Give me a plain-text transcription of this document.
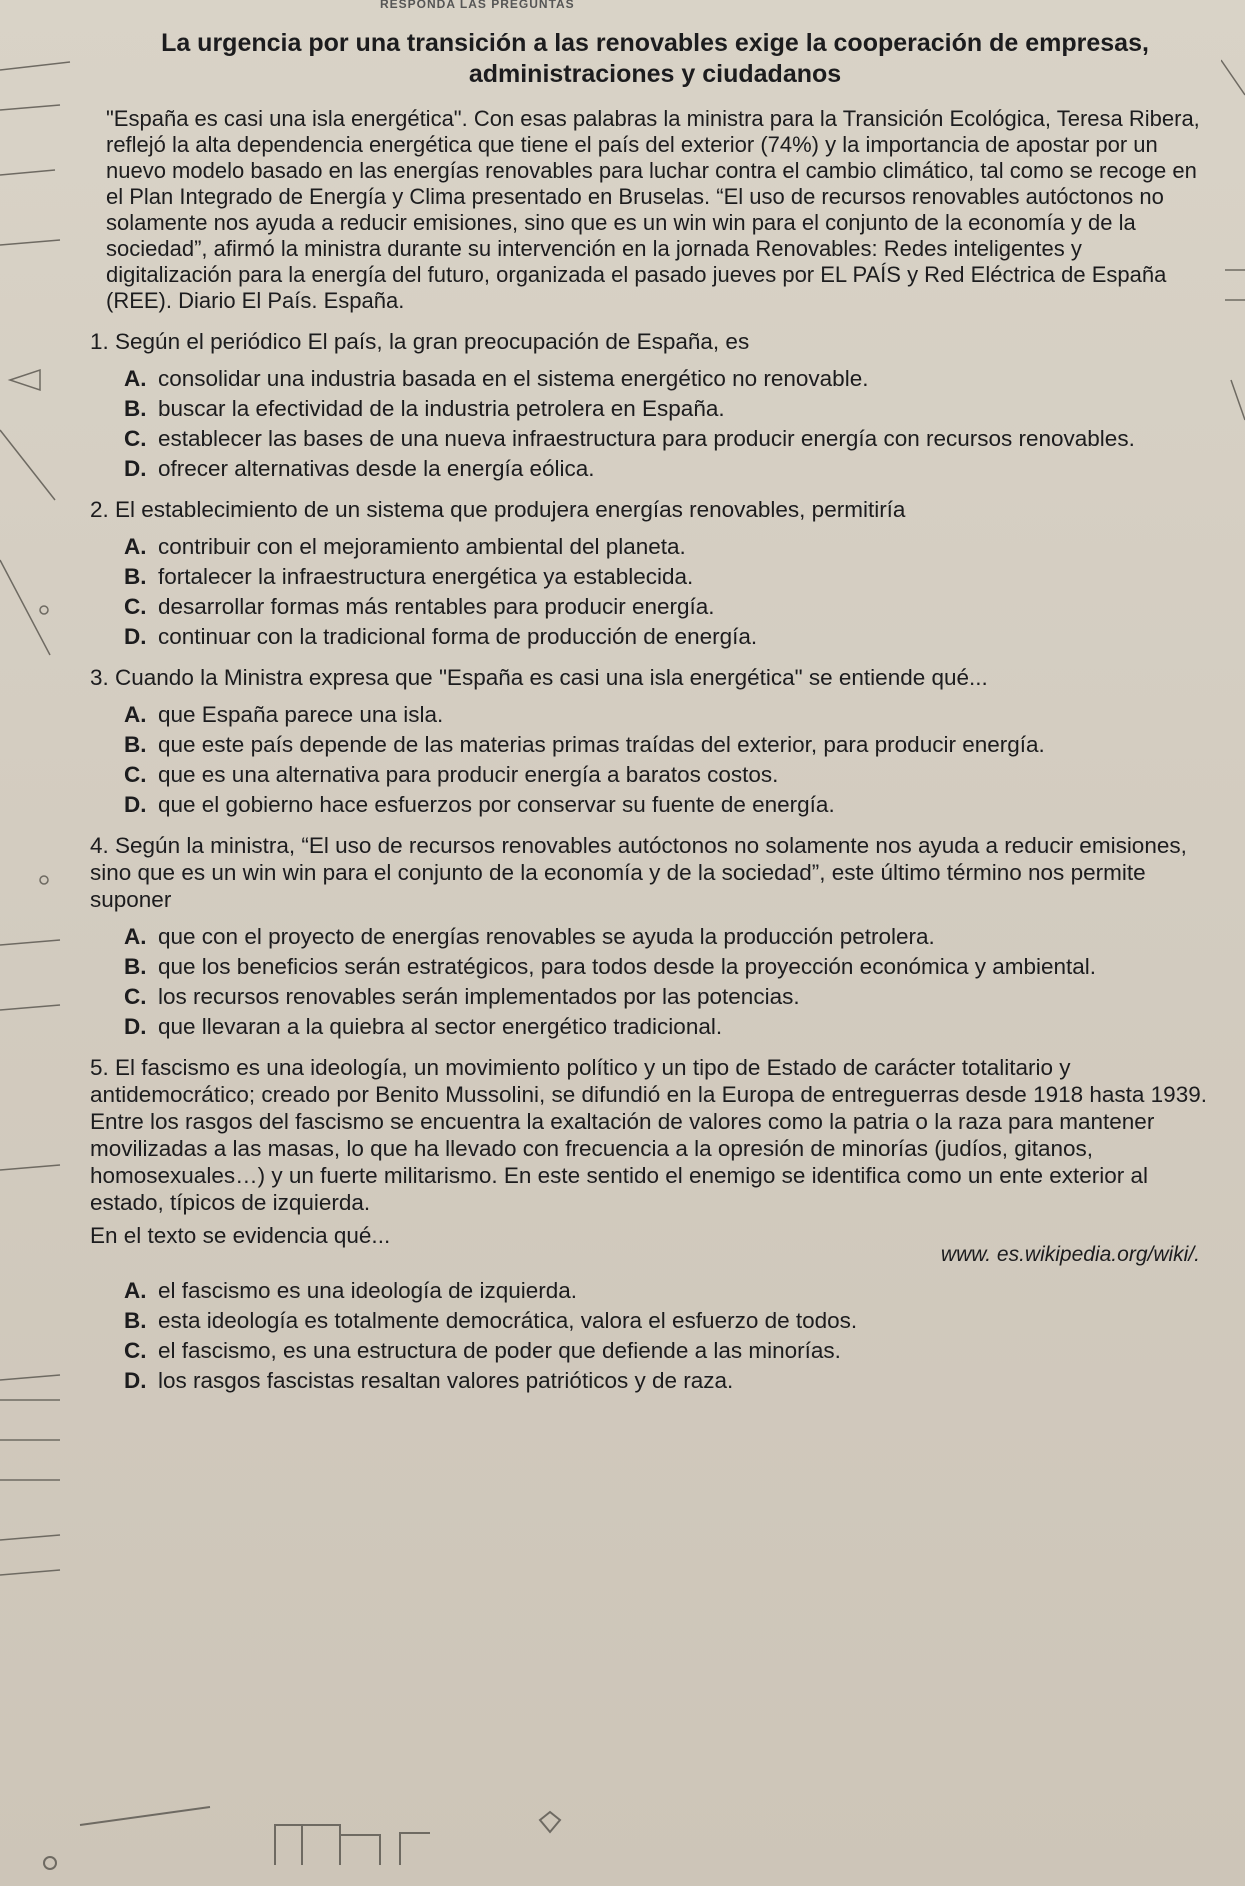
RESPONDA LAS PREGUNTAS
La urgencia por una transición a las renovables exige la cooperación de empresas, administraciones y ciudadanos
"España es casi una isla energética". Con esas palabras la ministra para la Transición Ecológica, Teresa Ribera, reflejó la alta dependencia energética que tiene el país del exterior (74%) y la importancia de apostar por un nuevo modelo basado en las energías renovables para luchar contra el cambio climático, tal como se recoge en el Plan Integrado de Energía y Clima presentado en Bruselas. “El uso de recursos renovables autóctonos no solamente nos ayuda a reducir emisiones, sino que es un win win para el conjunto de la economía y de la sociedad”, afirmó la ministra durante su intervención en la jornada Renovables: Redes inteligentes y digitalización para la energía del futuro, organizada el pasado jueves por EL PAÍS y Red Eléctrica de España (REE). Diario El País. España.
1. Según el periódico El país, la gran preocupación de España, es
A. consolidar una industria basada en el sistema energético no renovable.
B. buscar la efectividad de la industria petrolera en España.
C. establecer las bases de una nueva infraestructura para producir energía con recursos renovables.
D. ofrecer alternativas desde la energía eólica.
2. El establecimiento de un sistema que produjera energías renovables, permitiría
A. contribuir con el mejoramiento ambiental del planeta.
B. fortalecer la infraestructura energética ya establecida.
C. desarrollar formas más rentables para producir energía.
D. continuar con la tradicional forma de producción de energía.
3. Cuando la Ministra expresa que "España es casi una isla energética" se entiende qué...
A. que España parece una isla.
B. que este país depende de las materias primas traídas del exterior, para producir energía.
C. que es una alternativa para producir energía a baratos costos.
D. que el gobierno hace esfuerzos por conservar su fuente de energía.
4. Según la ministra, “El uso de recursos renovables autóctonos no solamente nos ayuda a reducir emisiones, sino que es un win win para el conjunto de la economía y de la sociedad”, este último término nos permite suponer
A. que con el proyecto de energías renovables se ayuda la producción petrolera.
B. que los beneficios serán estratégicos, para todos desde la proyección económica y ambiental.
C. los recursos renovables serán implementados por las potencias.
D. que llevaran a la quiebra al sector energético tradicional.
5. El fascismo es una ideología, un movimiento político y un tipo de Estado de carácter totalitario y antidemocrático; creado por Benito Mussolini, se difundió en la Europa de entreguerras desde 1918 hasta 1939. Entre los rasgos del fascismo se encuentra la exaltación de valores como la patria o la raza para mantener movilizadas a las masas, lo que ha llevado con frecuencia a la opresión de minorías (judíos, gitanos, homosexuales…) y un fuerte militarismo. En este sentido el enemigo se identifica como un ente exterior al estado, típicos de izquierda.
En el texto se evidencia qué...
www. es.wikipedia.org/wiki/.
A. el fascismo es una ideología de izquierda.
B. esta ideología es totalmente democrática, valora el esfuerzo de todos.
C. el fascismo, es una estructura de poder que defiende a las minorías.
D. los rasgos fascistas resaltan valores patrióticos y de raza.
